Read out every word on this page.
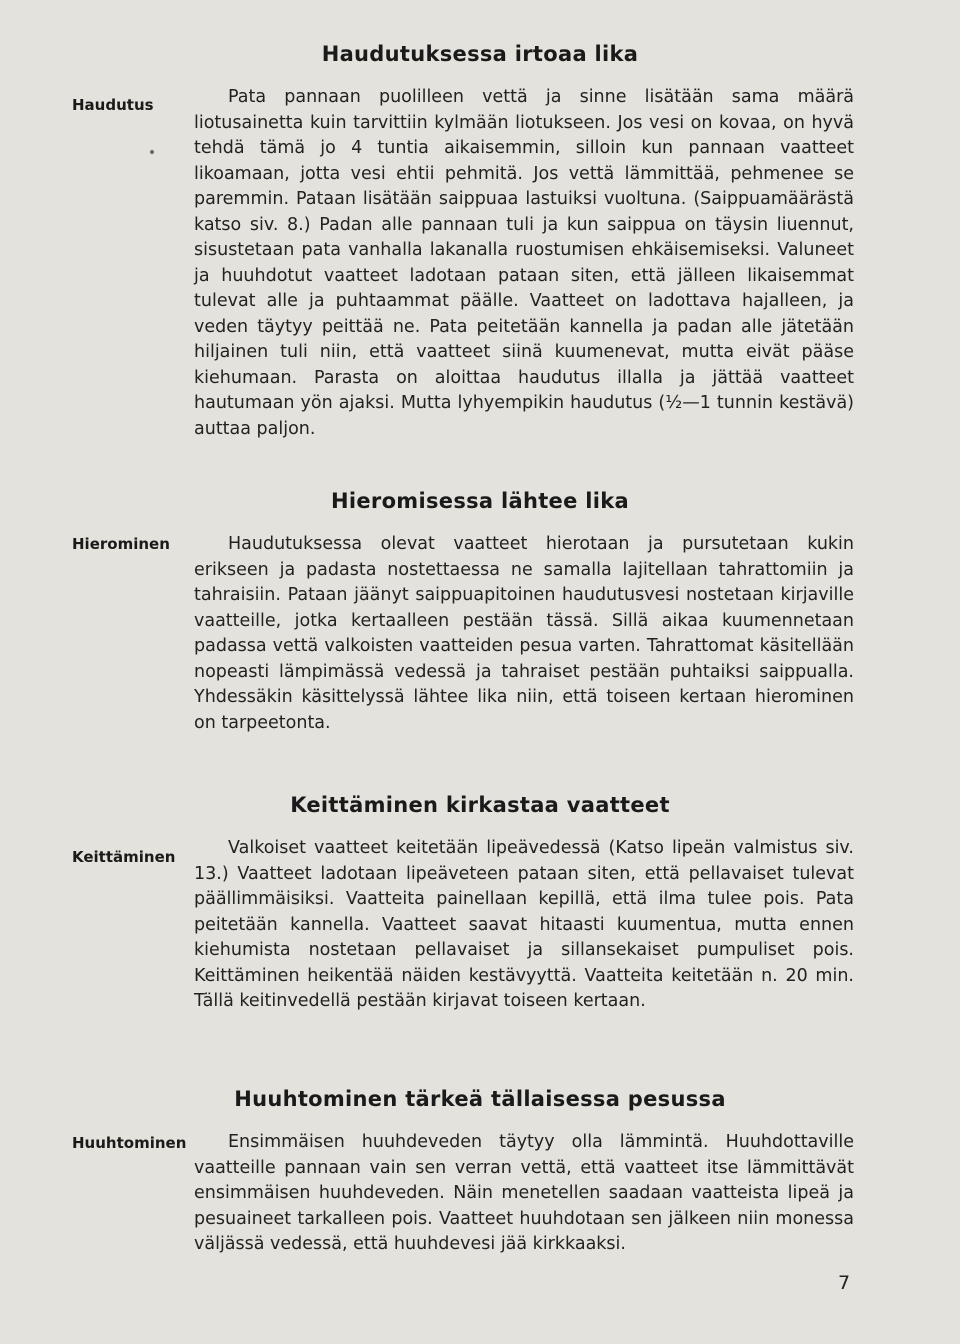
Haudutuksessa irtoaa lika
Haudutus	Pata pannaan puolilleen vettä ja sinne lisätään sama määrä liotusainetta kuin tarvittiin kylmään liotukseen. Jos vesi on kovaa, on hyvä tehdä tämä jo 4 tuntia aikaisemmin, silloin kun pannaan vaatteet likoamaan, jotta vesi ehtii pehmitä. Jos vettä lämmittää, pehmenee se paremmin. Pataan lisätään saippuaa lastuiksi vuoltuna. (Saippuamäärästä katso siv. 8.) Padan alle pannaan tuli ja kun saippua on täysin liuennut, sisustetaan pata vanhalla lakanalla ruostumisen ehkäisemiseksi. Valuneet ja huuhdotut vaatteet ladotaan pataan siten, että jälleen likaisemmat tulevat alle ja puhtaammat päälle. Vaatteet on ladottava hajalleen, ja veden täytyy peittää ne. Pata peitetään kannella ja padan alle jätetään hiljainen tuli niin, että vaatteet siinä kuumenevat, mutta eivät pääse kiehumaan. Parasta on aloittaa haudutus illalla ja jättää vaatteet hautumaan yön ajaksi. Mutta lyhyempikin haudutus (½—1 tunnin kestävä) auttaa paljon.

Hieromisessa lähtee lika
Hierominen	Haudutuksessa olevat vaatteet hierotaan ja pursutetaan kukin erikseen ja padasta nostettaessa ne samalla lajitellaan tahrattomiin ja tahraisiin. Pataan jäänyt saippuapitoinen haudutusvesi nostetaan kirjaville vaatteille, jotka kertaalleen pestään tässä. Sillä aikaa kuumennetaan padassa vettä valkoisten vaatteiden pesua varten. Tahrattomat käsitellään nopeasti lämpimässä vedessä ja tahraiset pestään puhtaiksi saippualla. Yhdessäkin käsittelyssä lähtee lika niin, että toiseen kertaan hierominen on tarpeetonta.

Keittäminen kirkastaa vaatteet
Keittäminen	Valkoiset vaatteet keitetään lipeävedessä (Katso lipeän valmistus siv. 13.) Vaatteet ladotaan lipeäveteen pataan siten, että pellavaiset tulevat päällimmäisiksi. Vaatteita painellaan kepillä, että ilma tulee pois. Pata peitetään kannella. Vaatteet saavat hitaasti kuumentua, mutta ennen kiehumista nostetaan pellavaiset ja sillansekaiset pumpuliset pois. Keittäminen heikentää näiden kestävyyttä. Vaatteita keitetään n. 20 min. Tällä keitinvedellä pestään kirjavat toiseen kertaan.

Huuhtominen tärkeä tällaisessa pesussa
Huuhtominen	Ensimmäisen huuhdeveden täytyy olla lämmintä. Huuhdottaville vaatteille pannaan vain sen verran vettä, että vaatteet itse lämmittävät ensimmäisen huuhdeveden. Näin menetellen saadaan vaatteista lipeä ja pesuaineet tarkalleen pois. Vaatteet huuhdotaan sen jälkeen niin monessa väljässä vedessä, että huuhdevesi jää kirkkaaksi.

7
